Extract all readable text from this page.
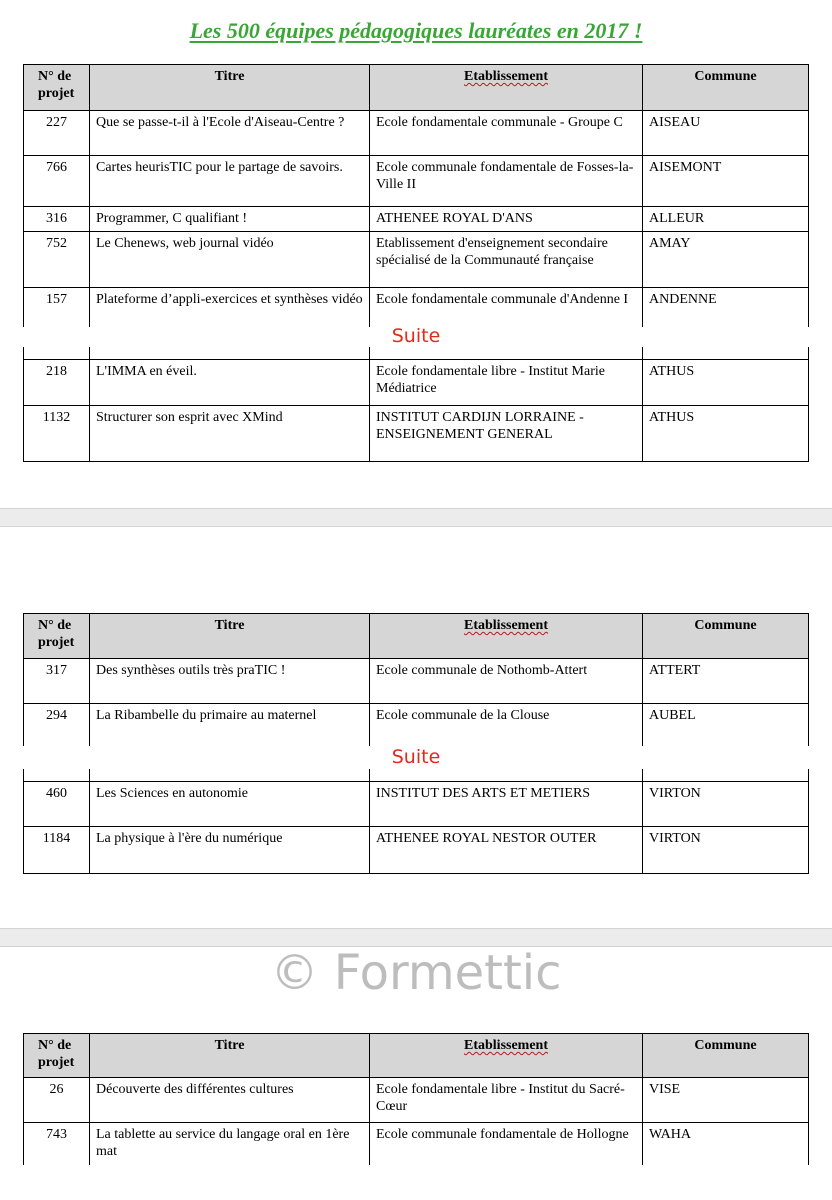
Les 500 équipes pédagogiques lauréates en 2017 !
N° de projet	Titre	Etablissement	Commune
227	Que se passe-t-il à l'Ecole d'Aiseau-Centre ?	Ecole fondamentale communale - Groupe C	AISEAU
766	Cartes heurisTIC pour le partage de savoirs.	Ecole communale fondamentale de Fosses-la-Ville II	AISEMONT
316	Programmer, C qualifiant !	ATHENEE ROYAL D'ANS	ALLEUR
752	Le Chenews, web journal vidéo	Etablissement d'enseignement secondaire spécialisé de la Communauté française	AMAY
157	Plateforme d’appli-exercices et synthèses vidéo	Ecole fondamentale communale d'Andenne I	ANDENNE
Suite

218	L'IMMA en éveil.	Ecole fondamentale libre - Institut Marie Médiatrice	ATHUS
1132	Structurer son esprit avec XMind	INSTITUT CARDIJN LORRAINE - ENSEIGNEMENT GENERAL	ATHUS
N° de projet	Titre	Etablissement	Commune
317	Des synthèses outils très praTIC !	Ecole communale de Nothomb-Attert	ATTERT
294	La Ribambelle du primaire au maternel	Ecole communale de la Clouse	AUBEL
Suite

460	Les Sciences en autonomie	INSTITUT DES ARTS ET METIERS	VIRTON
1184	La physique à l'ère du numérique	ATHENEE ROYAL NESTOR OUTER	VIRTON
© Formettic
N° de projet	Titre	Etablissement	Commune
26	Découverte des différentes cultures	Ecole fondamentale libre - Institut du Sacré-Cœur	VISE
743	La tablette au service du langage oral en 1ère mat	Ecole communale fondamentale de Hollogne	WAHA
